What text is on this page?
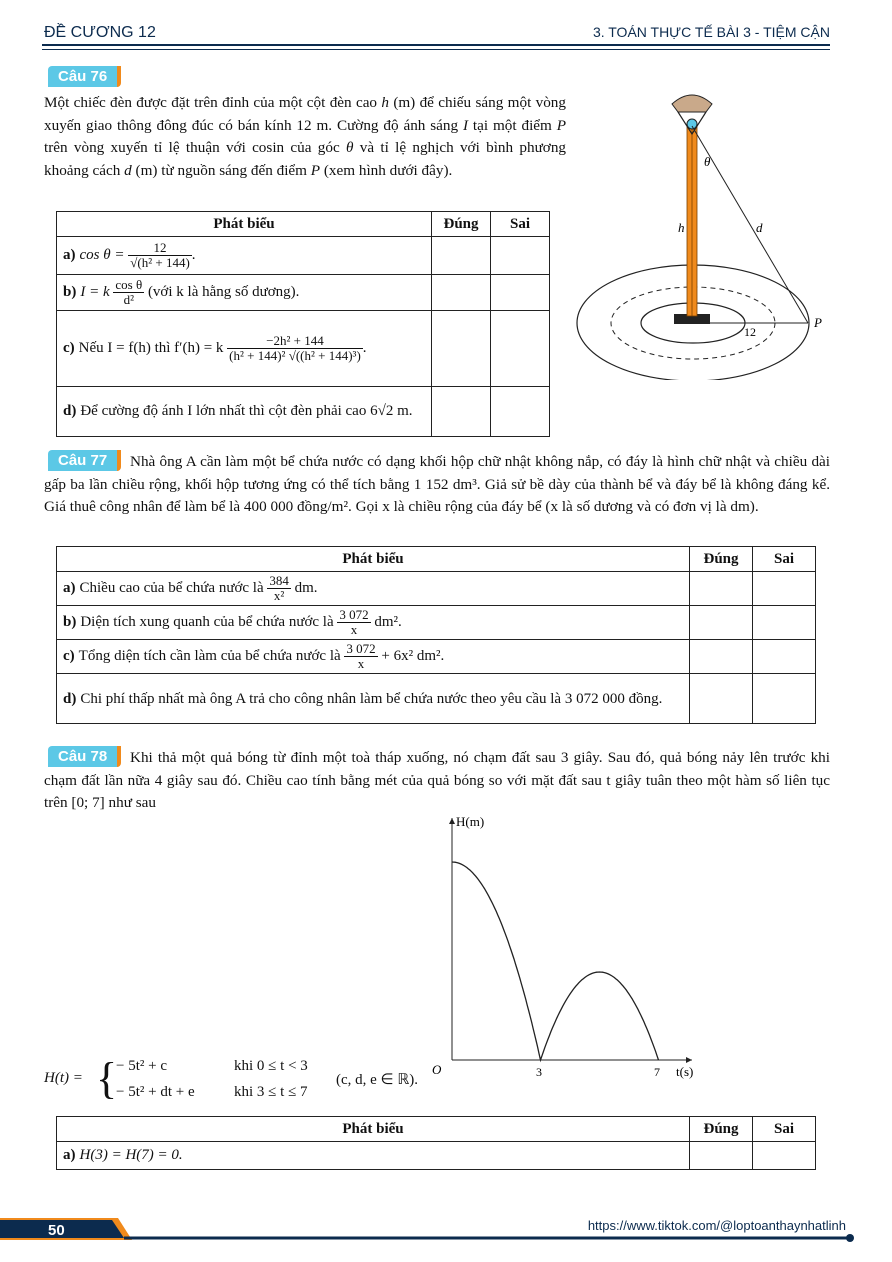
ĐỀ CƯƠNG 12	3. TOÁN THỰC TẾ BÀI 3 - TIỆM CẬN
Câu 76
Một chiếc đèn được đặt trên đỉnh của một cột đèn cao h (m) để chiếu sáng một vòng xuyến giao thông đông đúc có bán kính 12 m. Cường độ ánh sáng I tại một điểm P trên vòng xuyến tỉ lệ thuận với cosin của góc θ và tỉ lệ nghịch với bình phương khoảng cách d (m) từ nguồn sáng đến điểm P (xem hình dưới đây).
Phát biểu	Đúng	Sai
a) $\cos \theta = \frac{12}{\text{√(h² + 144)}}$ .		
b) I = k $\frac{\text{cos θ}}{\text{d²}}$ (với k là hằng số dương).		
c) Nếu I = f(h) thì f′(h) = k $\frac{\text{−2h² + 144}}{\text{(h² + 144)² √((h² + 144)³)}}$ .		
d) Để cường độ ánh I lớn nhất thì cột đèn phải cao 6√2 m.		
θ
h	d
12
P
Câu 77	Nhà ông A cần làm một bể chứa nước có dạng khối hộp chữ nhật không nắp, có đáy là hình chữ nhật và chiều dài gấp ba lần chiều rộng, khối hộp tương ứng có thể tích bằng 1 152 dm³. Giả sử bề dày của thành bể và đáy bể là không đáng kể. Giá thuê công nhân để làm bể là 400 000 đồng/m². Gọi x là chiều rộng của đáy bể (x là số dương và có đơn vị là dm).
Phát biểu	Đúng	Sai
a) Chiều cao của bể chứa nước là $\frac{384}{\text{x²}}$ dm.		
b) Diện tích xung quanh của bể chứa nước là $\frac{3 072}{x} dm^2$.		
c) Tổng diện tích cần làm của bể chứa nước là $\frac{3 072}{x} + 6x^2$ dm².		
d) Chi phí thấp nhất mà ông A trả cho công nhân làm bể chứa nước theo yêu cầu là 3 072 000 đồng.		
Câu 78	Khi thả một quả bóng từ đỉnh một toà tháp xuống, nó chạm đất sau 3 giây. Sau đó, quả bóng nảy lên trước khi chạm đất lần nữa 4 giây sau đó. Chiều cao tính bằng mét của quả bóng so với mặt đất sau t giây tuân theo một hàm số liên tục trên [0; 7] như sau
H(t) = {
− 5t² + c	khi 0 ≤ t < 3
− 5t² + dt + e	khi 3 ≤ t ≤ 7
(c, d, e ∈ ℝ).
H(m)
t(s)
O	3	7
Phát biểu	Đúng	Sai
a) H(3) = H(7) = 0.		
50	https://www.tiktok.com/@loptoanthaynhatlinh
